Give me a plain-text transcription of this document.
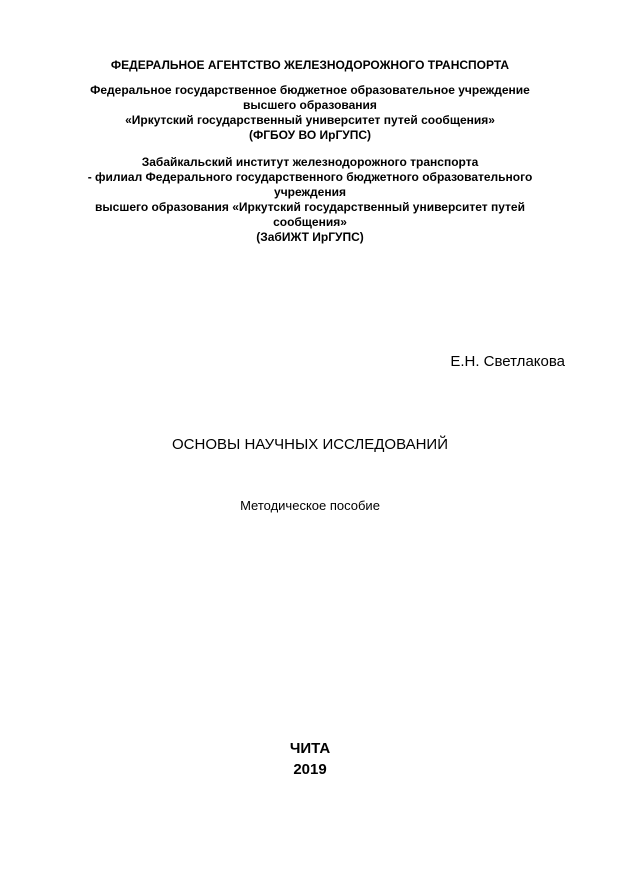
ФЕДЕРАЛЬНОЕ АГЕНТСТВО ЖЕЛЕЗНОДОРОЖНОГО ТРАНСПОРТА
Федеральное государственное бюджетное образовательное учреждение
высшего образования
«Иркутский государственный университет путей сообщения»
(ФГБОУ ВО ИрГУПС)
Забайкальский институт железнодорожного транспорта
- филиал Федерального государственного бюджетного образовательного
учреждения
высшего образования «Иркутский государственный университет путей
сообщения»
(ЗабИЖТ ИрГУПС)
Е.Н. Светлакова
ОСНОВЫ НАУЧНЫХ ИССЛЕДОВАНИЙ
Методическое пособие
ЧИТА
2019
